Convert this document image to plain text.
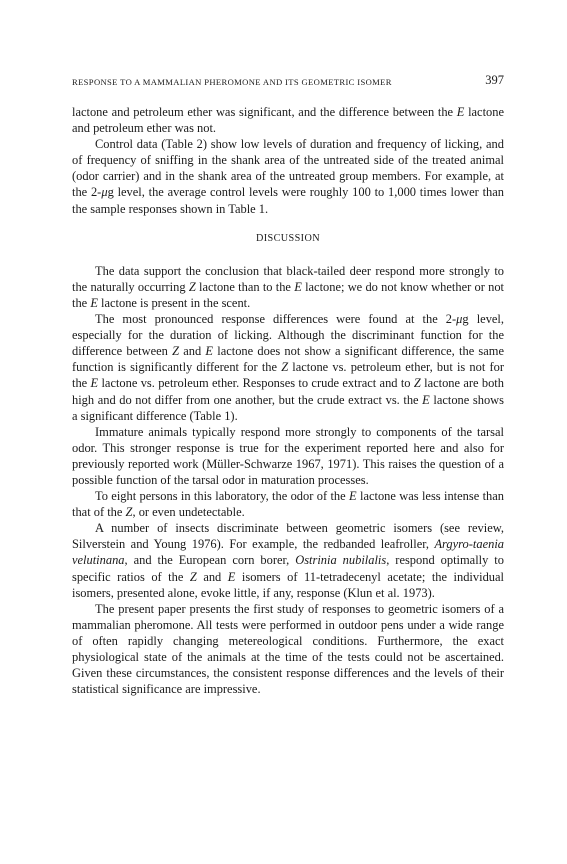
RESPONSE TO A MAMMALIAN PHEROMONE AND ITS GEOMETRIC ISOMER	397

lactone and petroleum ether was significant, and the difference between the E lactone and petroleum ether was not.

Control data (Table 2) show low levels of duration and frequency of licking, and of frequency of sniffing in the shank area of the untreated side of the treated animal (odor carrier) and in the shank area of the untreated group members. For example, at the 2-μg level, the average control levels were roughly 100 to 1,000 times lower than the sample responses shown in Table 1.

DISCUSSION

The data support the conclusion that black-tailed deer respond more strongly to the naturally occurring Z lactone than to the E lactone; we do not know whether or not the E lactone is present in the scent.

The most pronounced response differences were found at the 2-μg level, especially for the duration of licking. Although the discriminant function for the difference between Z and E lactone does not show a significant difference, the same function is significantly different for the Z lactone vs. petroleum ether, but is not for the E lactone vs. petroleum ether. Responses to crude extract and to Z lactone are both high and do not differ from one another, but the crude extract vs. the E lactone shows a significant difference (Table 1).

Immature animals typically respond more strongly to components of the tarsal odor. This stronger response is true for the experiment reported here and also for previously reported work (Müller-Schwarze 1967, 1971). This raises the question of a possible function of the tarsal odor in maturation processes.

To eight persons in this laboratory, the odor of the E lactone was less intense than that of the Z, or even undetectable.

A number of insects discriminate between geometric isomers (see review, Silverstein and Young 1976). For example, the redbanded leafroller, Argyro-taenia velutinana, and the European corn borer, Ostrinia nubilalis, respond optimally to specific ratios of the Z and E isomers of 11-tetradecenyl acetate; the individual isomers, presented alone, evoke little, if any, response (Klun et al. 1973).

The present paper presents the first study of responses to geometric isomers of a mammalian pheromone. All tests were performed in outdoor pens under a wide range of often rapidly changing metereological conditions. Furthermore, the exact physiological state of the animals at the time of the tests could not be ascertained. Given these circumstances, the consistent response differences and the levels of their statistical significance are impressive.
